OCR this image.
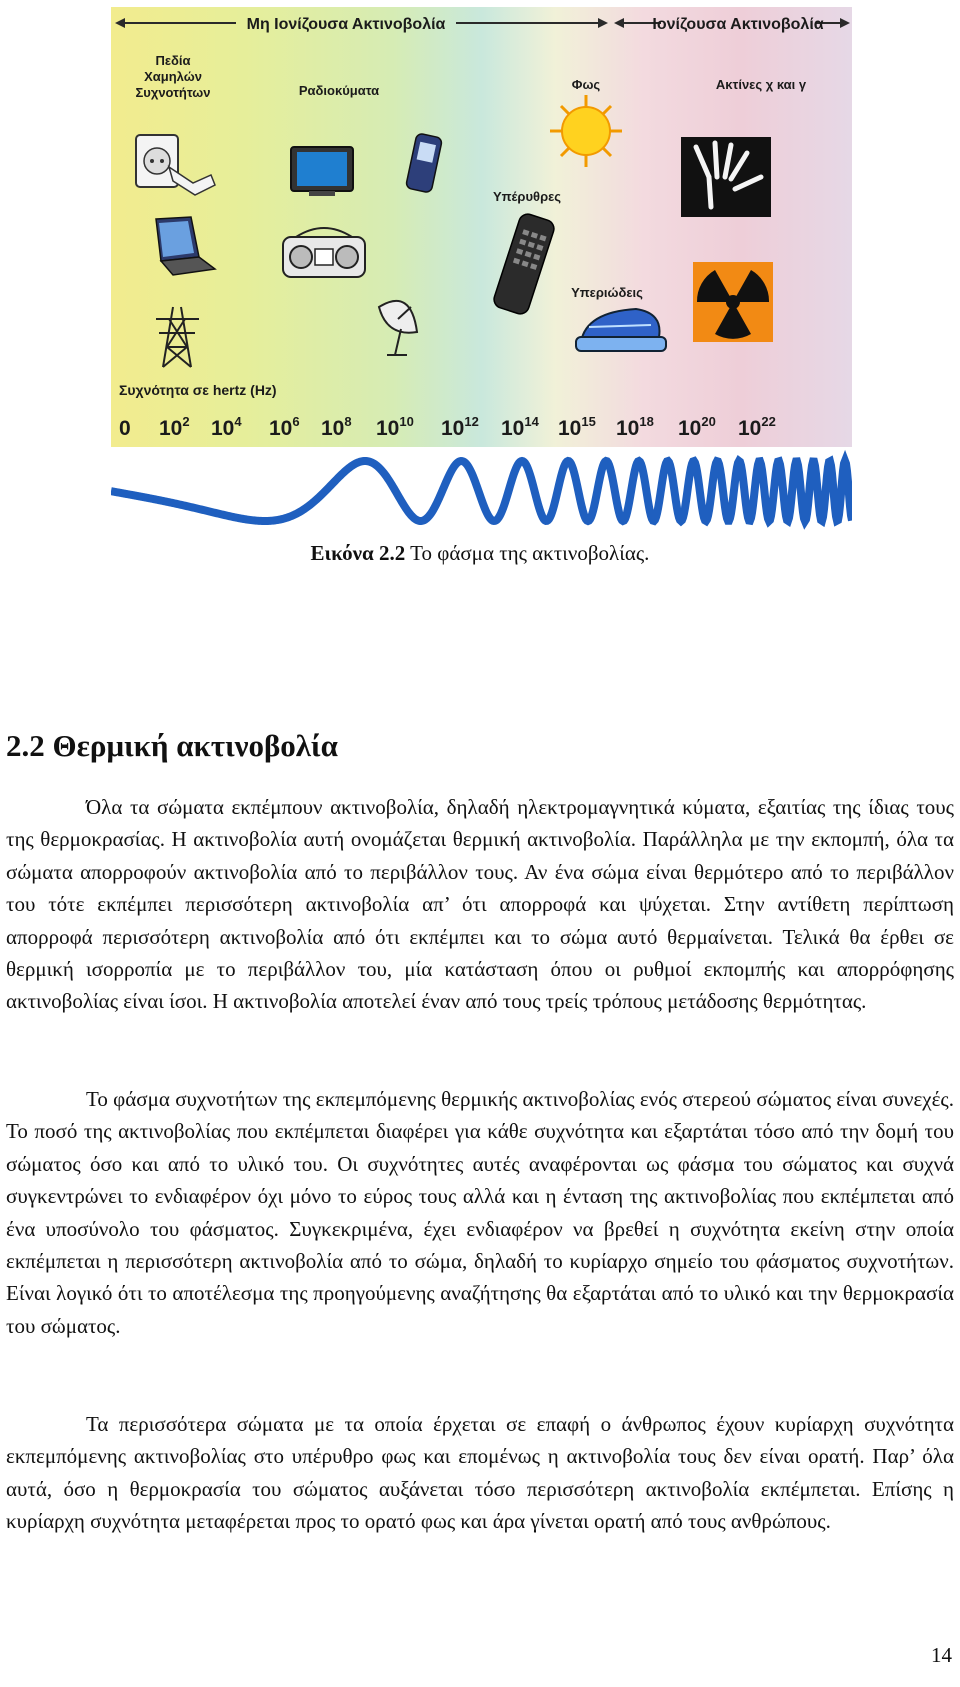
Μη Ιονίζουσα Ακτινοβολία	Ιονίζουσα Ακτινοβολία
Πεδία
Χαμηλών
Συχνοτήτων	Ραδιοκύματα	Φως	Ακτίνες χ και γ
Υπέρυθρες
Υπεριώδεις
Συχνότητα σε hertz (Hz)
0 $10^2$ $10^4$ $10^6$ $10^8$ $10^{10}$ $10^{12}$ $10^{14}$ $10^{15}$ $10^{18}$ $10^{20}$ $10^{22}$
Εικόνα 2.2 Το φάσμα της ακτινοβολίας.
2.2 Θερμική ακτινοβολία

Όλα τα σώματα εκπέμπουν ακτινοβολία, δηλαδή ηλεκτρομαγνητικά κύματα, εξαιτίας της ίδιας τους της θερμοκρασίας. Η ακτινοβολία αυτή ονομάζεται θερμική ακτινοβολία. Παράλληλα με την εκπομπή, όλα τα σώματα απορροφούν ακτινοβολία από το περιβάλλον τους. Αν ένα σώμα είναι θερμότερο από το περιβάλλον του τότε εκπέμπει περισσότερη ακτινοβολία απ’ ότι απορροφά και ψύχεται. Στην αντίθετη περίπτωση απορροφά περισσότερη ακτινοβολία από ότι εκπέμπει και το σώμα αυτό θερμαίνεται. Τελικά θα έρθει σε θερμική ισορροπία με το περιβάλλον του, μία κατάσταση όπου οι ρυθμοί εκπομπής και απορρόφησης ακτινοβολίας είναι ίσοι. Η ακτινοβολία αποτελεί έναν από τους τρείς τρόπους μετάδοσης θερμότητας.

Το φάσμα συχνοτήτων της εκπεμπόμενης θερμικής ακτινοβολίας ενός στερεού σώματος είναι συνεχές. Το ποσό της ακτινοβολίας που εκπέμπεται διαφέρει για κάθε συχνότητα και εξαρτάται τόσο από την δομή του σώματος όσο και από το υλικό του. Οι συχνότητες αυτές αναφέρονται ως φάσμα του σώματος και συχνά συγκεντρώνει το ενδιαφέρον όχι μόνο το εύρος τους αλλά και η ένταση της ακτινοβολίας που εκπέμπεται από ένα υποσύνολο του φάσματος. Συγκεκριμένα, έχει ενδιαφέρον να βρεθεί η συχνότητα εκείνη στην οποία εκπέμπεται η περισσότερη ακτινοβολία από το σώμα, δηλαδή το κυρίαρχο σημείο του φάσματος συχνοτήτων. Είναι λογικό ότι το αποτέλεσμα της προηγούμενης αναζήτησης θα εξαρτάται από το υλικό και την θερμοκρασία του σώματος.

Τα περισσότερα σώματα με τα οποία έρχεται σε επαφή ο άνθρωπος έχουν κυρίαρχη συχνότητα εκπεμπόμενης ακτινοβολίας στο υπέρυθρο φως και επομένως η ακτινοβολία τους δεν είναι ορατή. Παρ’ όλα αυτά, όσο η θερμοκρασία του σώματος αυξάνεται τόσο περισσότερη ακτινοβολία εκπέμπεται. Επίσης η κυρίαρχη συχνότητα μεταφέρεται προς το ορατό φως και άρα γίνεται ορατή από τους ανθρώπους.

14
